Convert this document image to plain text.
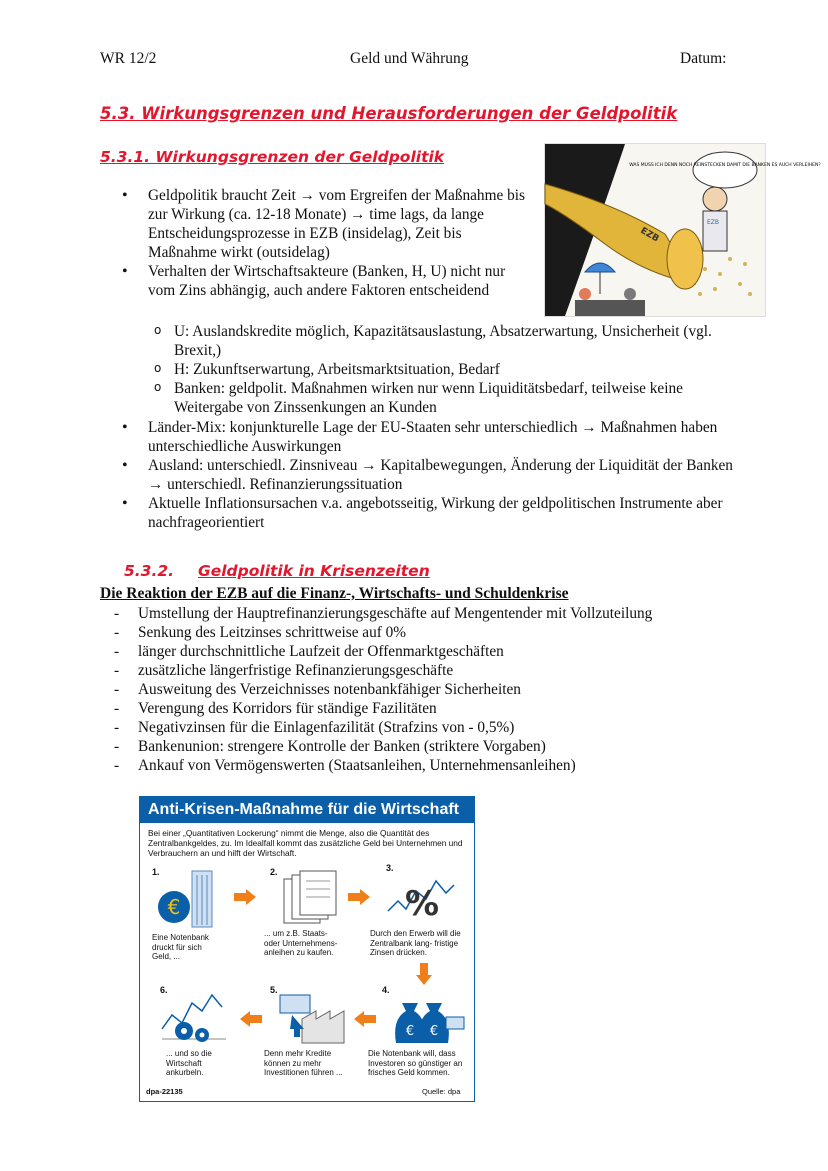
WR 12/2	Geld und Währung	Datum:
5.3. Wirkungsgrenzen und Herausforderungen der Geldpolitik
5.3.1. Wirkungsgrenzen der Geldpolitik	WAS MUSS ICH DENN NOCH REINSTECKEN DAMIT DIE BANKEN ES AUCH VERLEIHEN?
EZB
EZB
• Geldpolitik braucht Zeit → vom Ergreifen der Maßnahme bis zur Wirkung (ca. 12-18 Monate) → time lags, da lange Entscheidungsprozesse in EZB (insidelag), Zeit bis Maßnahme wirkt (outsidelag)
• Verhalten der Wirtschaftsakteure (Banken, H, U) nicht nur vom Zins abhängig, auch andere Faktoren entscheidend
o U: Auslandskredite möglich, Kapazitätsauslastung, Absatzerwartung, Unsicherheit (vgl. Brexit,)
o H: Zukunftserwartung, Arbeitsmarktsituation, Bedarf
o Banken: geldpolit. Maßnahmen wirken nur wenn Liquiditätsbedarf, teilweise keine Weitergabe von Zinssenkungen an Kunden
• Länder-Mix: konjunkturelle Lage der EU-Staaten sehr unterschiedlich → Maßnahmen haben unterschiedliche Auswirkungen
• Ausland: unterschiedl. Zinsniveau → Kapitalbewegungen, Änderung der Liquidität der Banken → unterschiedl. Refinanzierungssituation
• Aktuelle Inflationsursachen v.a. angebotsseitig, Wirkung der geldpolitischen Instrumente aber nachfrageorientiert
5.3.2. Geldpolitik in Krisenzeiten
Die Reaktion der EZB auf die Finanz-, Wirtschafts- und Schuldenkrise
- Umstellung der Hauptrefinanzierungsgeschäfte auf Mengentender mit Vollzuteilung
- Senkung des Leitzinses schrittweise auf 0%
- länger durchschnittliche Laufzeit der Offenmarktgeschäften
- zusätzliche längerfristige Refinanzierungsgeschäfte
- Ausweitung des Verzeichnisses notenbankfähiger Sicherheiten
- Verengung des Korridors für ständige Fazilitäten
- Negativzinsen für die Einlagenfazilität (Strafzins von - 0,5%)
- Bankenunion: strengere Kontrolle der Banken (striktere Vorgaben)
- Ankauf von Vermögenswerten (Staatsanleihen, Unternehmensanleihen)
Anti-Krisen-Maßnahme für die Wirtschaft
Bei einer „Quantitativen Lockerung“ nimmt die Menge, also die Quantität des Zentralbankgeldes, zu. Im Idealfall kommt das zusätzliche Geld bei Unternehmen und Verbrauchern an und hilft der Wirtschaft.
1.
€
Eine Notenbank druckt für sich Geld, ...
2.
... um z.B. Staats- oder Unternehmens- anleihen zu kaufen.
3.
%
Durch den Erwerb will die Zentralbank lang- fristige Zinsen drücken.
6.
... und so die Wirtschaft ankurbeln.
5.
Denn mehr Kredite können zu mehr Investitionen führen ...
4.
€ €
Die Notenbank will, dass Investoren so günstiger an frisches Geld kommen.
dpa-22135	Quelle: dpa
